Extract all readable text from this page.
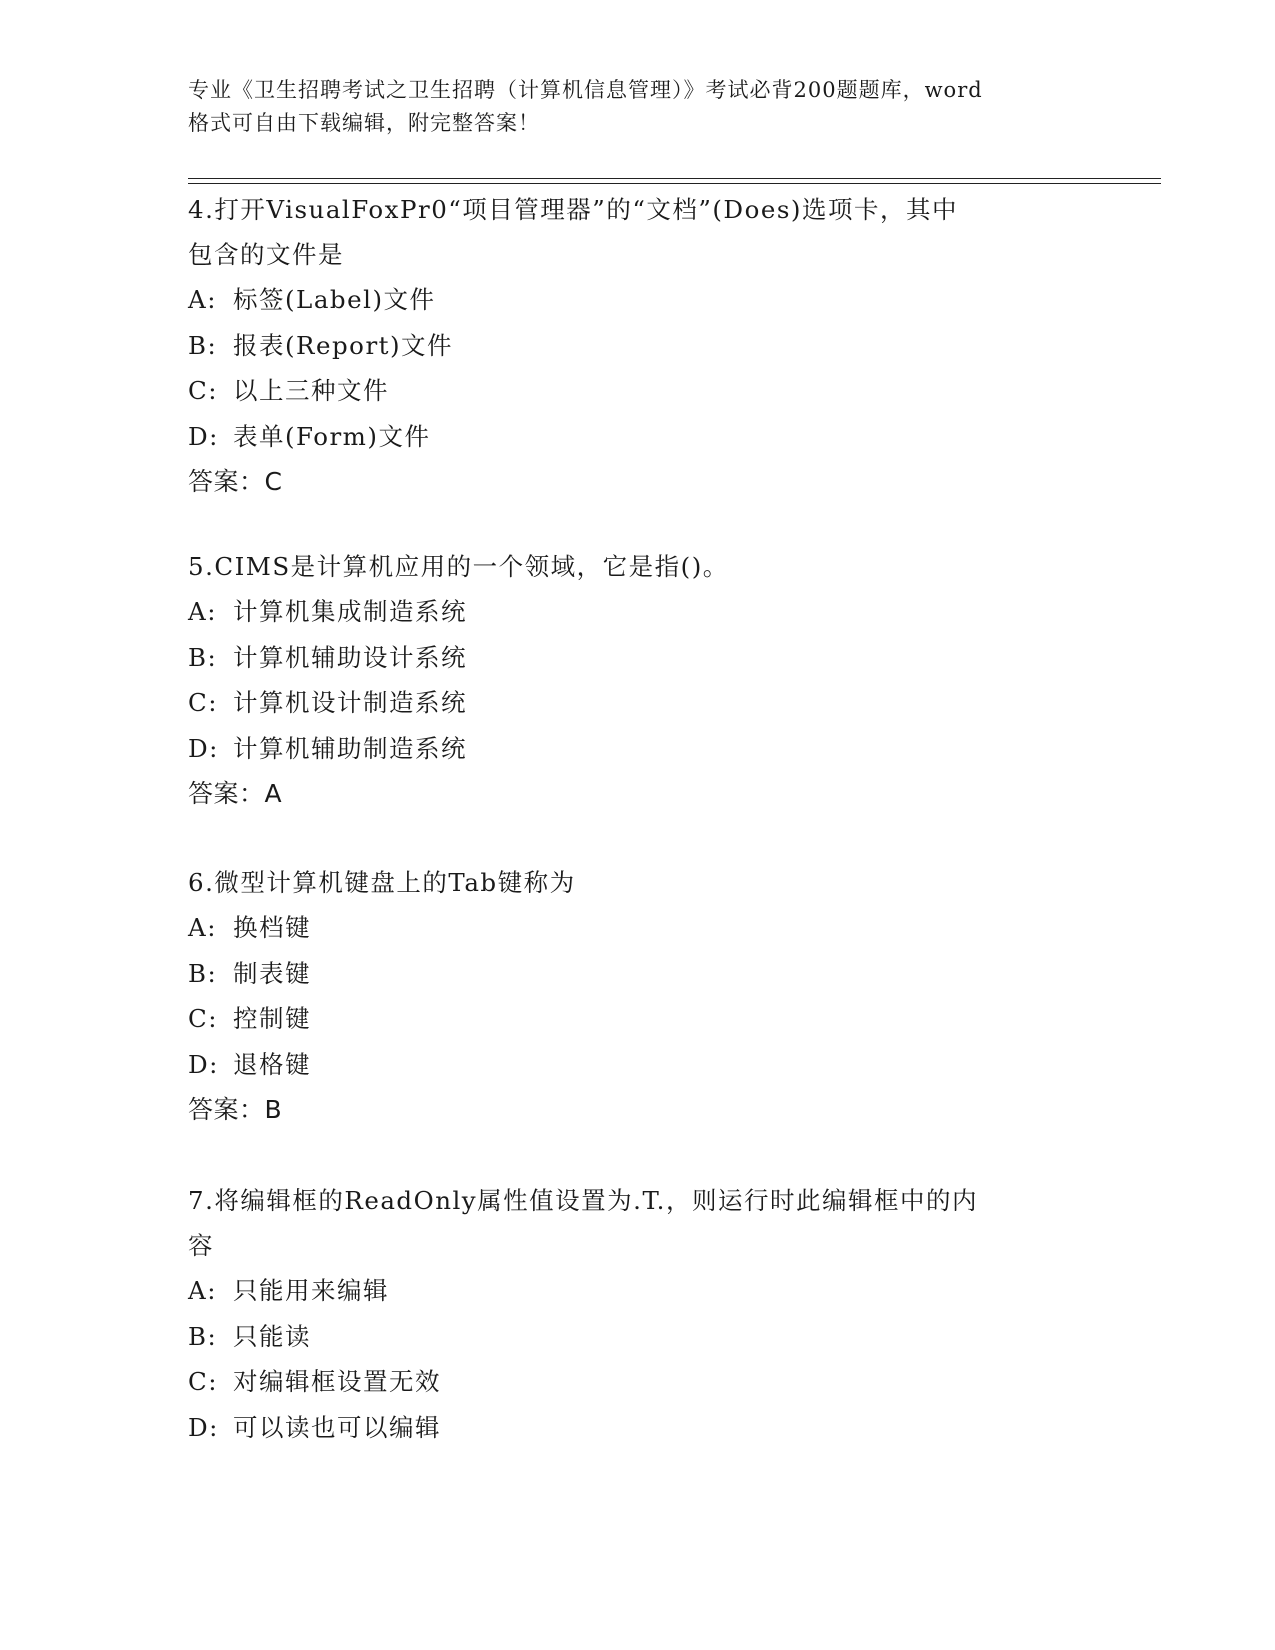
专业《卫生招聘考试之卫生招聘（计算机信息管理）》考试必背200题题库，word
格式可自由下载编辑，附完整答案！
4.打开VisualFoxPr0“项目管理器”的“文档”(Does)选项卡，其中
包含的文件是
A: 标签(Label)文件
B: 报表(Report)文件
C: 以上三种文件
D: 表单(Form)文件
答案：C
5.CIMS是计算机应用的一个领域，它是指()。
A: 计算机集成制造系统
B: 计算机辅助设计系统
C: 计算机设计制造系统
D: 计算机辅助制造系统
答案：A
6.微型计算机键盘上的Tab键称为
A: 换档键
B: 制表键
C: 控制键
D: 退格键
答案：B
7.将编辑框的ReadOnly属性值设置为.T.，则运行时此编辑框中的内
容
A: 只能用来编辑
B: 只能读
C: 对编辑框设置无效
D: 可以读也可以编辑
